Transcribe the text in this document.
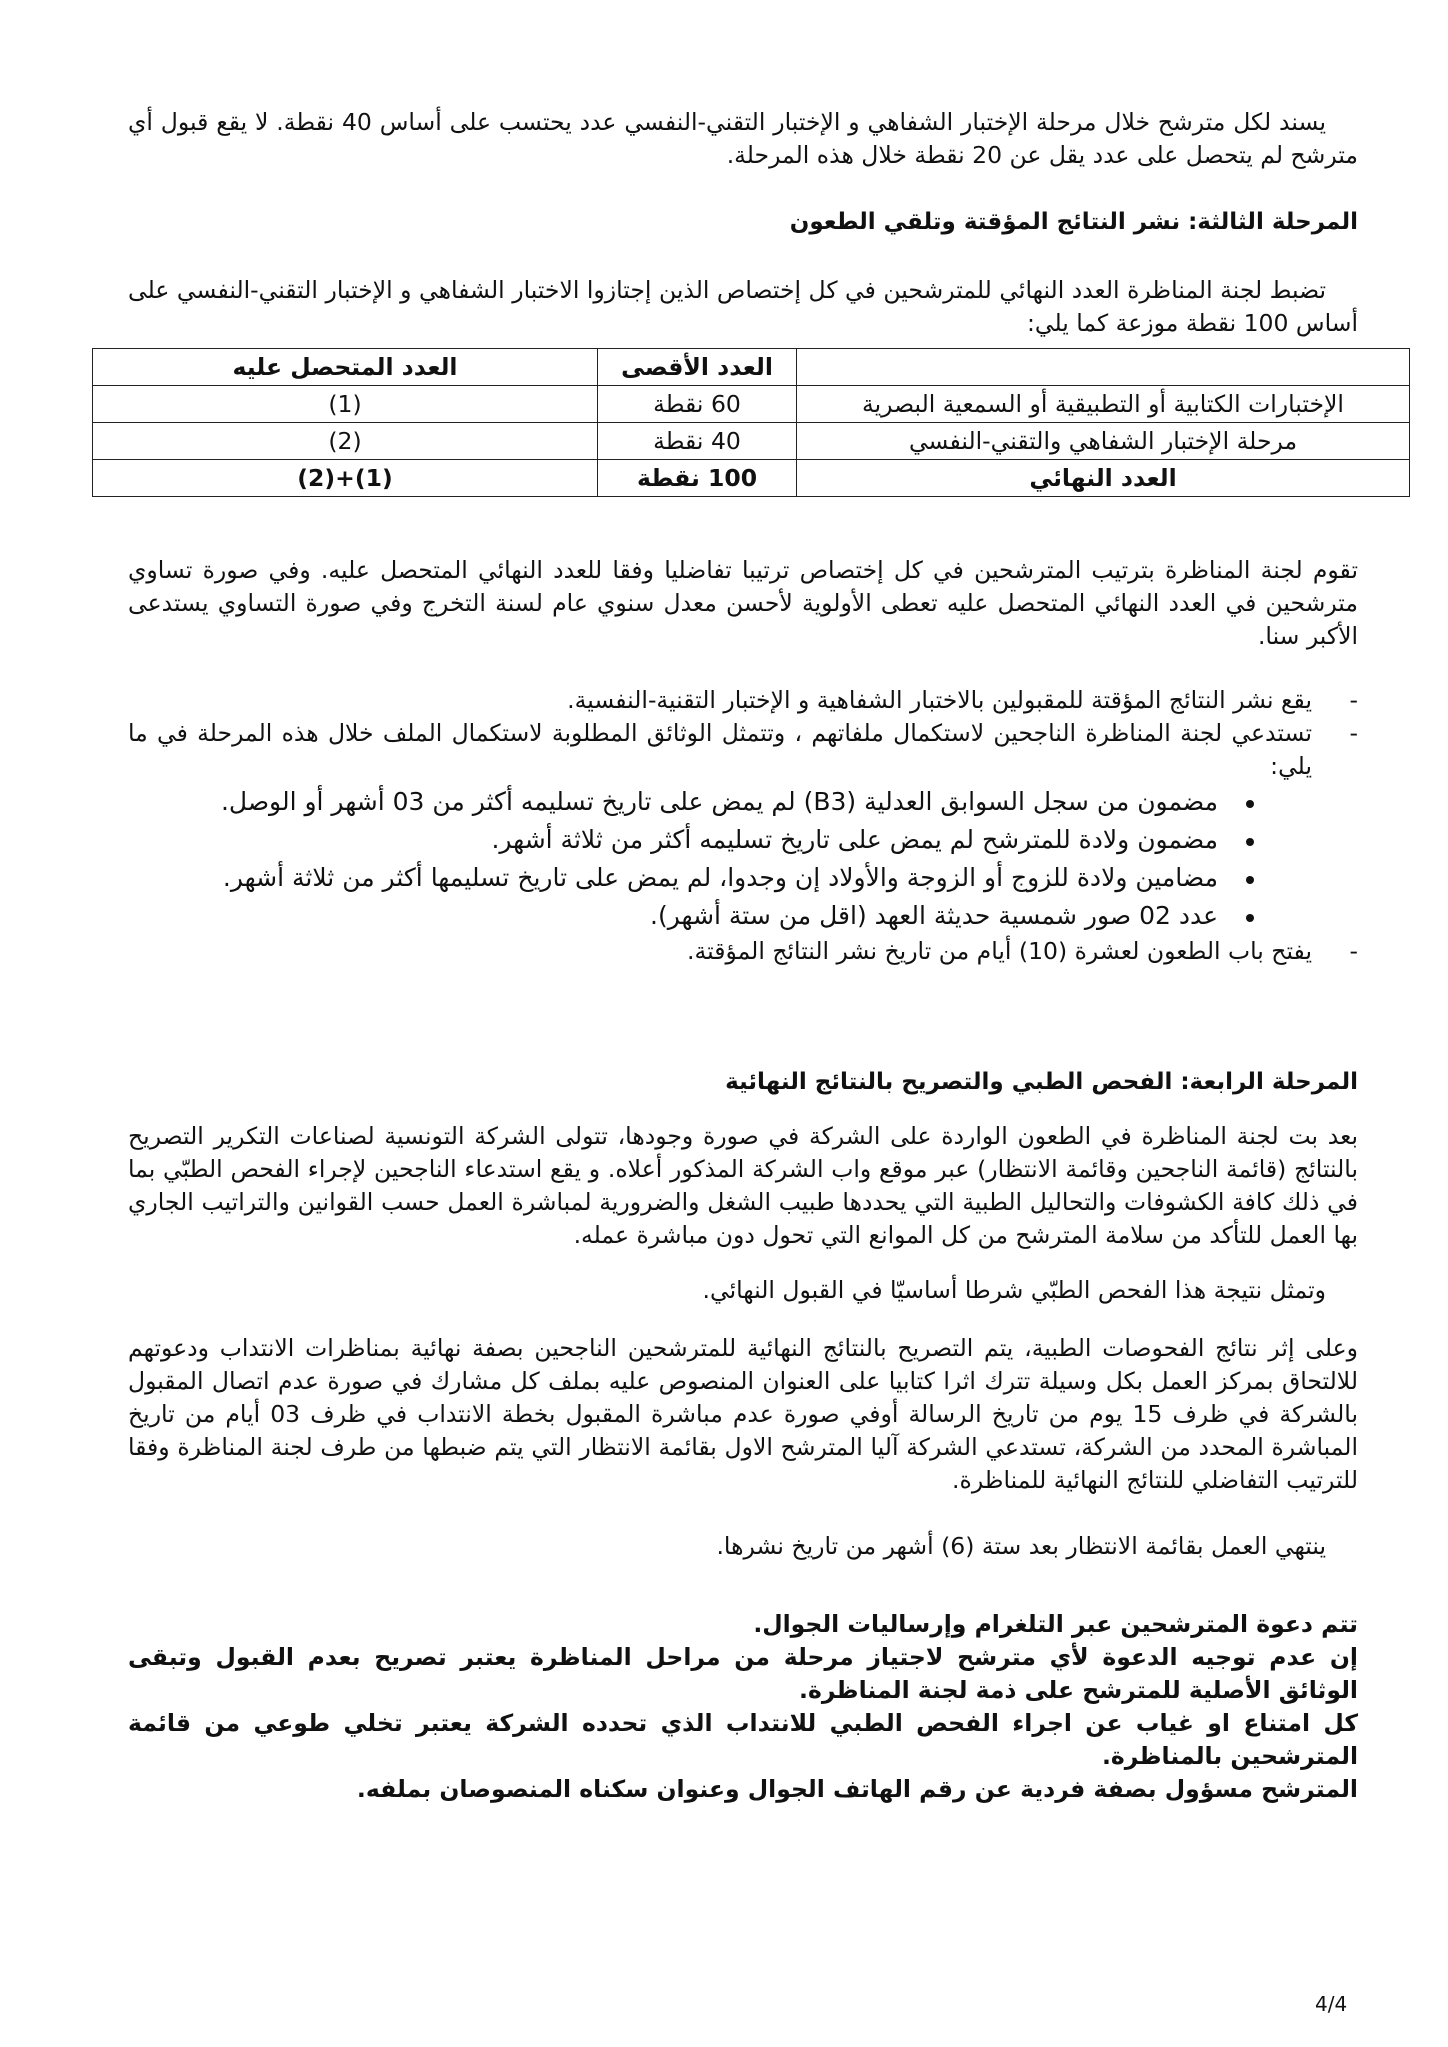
يسند لكل مترشح خلال مرحلة الإختبار الشفاهي و الإختبار التقني-النفسي عدد يحتسب على أساس 40 نقطة. لا يقع قبول أي مترشح لم يتحصل على عدد يقل عن 20 نقطة خلال هذه المرحلة.

المرحلة الثالثة: نشر النتائج المؤقتة وتلقي الطعون

تضبط لجنة المناظرة العدد النهائي للمترشحين في كل إختصاص الذين إجتازوا الاختبار الشفاهي و الإختبار التقني-النفسي على أساس 100 نقطة موزعة كما يلي:

	العدد الأقصى	العدد المتحصل عليه
الإختبارات الكتابية أو التطبيقية أو السمعية البصرية	60 نقطة	(1)
مرحلة الإختبار الشفاهي والتقني-النفسي	40 نقطة	(2)
العدد النهائي	100 نقطة	(1)+(2)

تقوم لجنة المناظرة بترتيب المترشحين في كل إختصاص ترتيبا تفاضليا وفقا للعدد النهائي المتحصل عليه. وفي صورة تساوي مترشحين في العدد النهائي المتحصل عليه تعطى الأولوية لأحسن معدل سنوي عام لسنة التخرج وفي صورة التساوي يستدعى الأكبر سنا.

-
يقع نشر النتائج المؤقتة للمقبولين بالاختبار الشفاهية و الإختبار التقنية-النفسية.
-
تستدعي لجنة المناظرة الناجحين لاستكمال ملفاتهم ، وتتمثل الوثائق المطلوبة لاستكمال الملف خلال هذه المرحلة في ما يلي:
مضمون من سجل السوابق العدلية (B3) لم يمض على تاريخ تسليمه أكثر من 03 أشهر أو الوصل.
مضمون ولادة للمترشح لم يمض على تاريخ تسليمه أكثر من ثلاثة أشهر.
مضامين ولادة للزوج أو الزوجة والأولاد إن وجدوا، لم يمض على تاريخ تسليمها أكثر من ثلاثة أشهر.
عدد 02 صور شمسية حديثة العهد (اقل من ستة أشهر).
-
يفتح باب الطعون لعشرة (10) أيام من تاريخ نشر النتائج المؤقتة.

المرحلة الرابعة: الفحص الطبي والتصريح بالنتائج النهائية

بعد بت لجنة المناظرة في الطعون الواردة على الشركة في صورة وجودها، تتولى الشركة التونسية لصناعات التكرير التصريح بالنتائج (قائمة الناجحين وقائمة الانتظار) عبر موقع واب الشركة المذكور أعلاه. و يقع استدعاء الناجحين لإجراء الفحص الطبّي بما في ذلك كافة الكشوفات والتحاليل الطبية التي يحددها طبيب الشغل والضرورية لمباشرة العمل حسب القوانين والتراتيب الجاري بها العمل للتأكد من سلامة المترشح من كل الموانع التي تحول دون مباشرة عمله.

وتمثل نتيجة هذا الفحص الطبّي شرطا أساسيّا في القبول النهائي.

وعلى إثر نتائج الفحوصات الطبية، يتم التصريح بالنتائج النهائية للمترشحين الناجحين بصفة نهائية بمناظرات الانتداب ودعوتهم للالتحاق بمركز العمل بكل وسيلة تترك اثرا كتابيا على العنوان المنصوص عليه بملف كل مشارك في صورة عدم اتصال المقبول بالشركة في ظرف 15 يوم من تاريخ الرسالة أوفي صورة عدم مباشرة المقبول بخطة الانتداب في ظرف 03 أيام من تاريخ المباشرة المحدد من الشركة، تستدعي الشركة آليا المترشح الاول بقائمة الانتظار التي يتم ضبطها من طرف لجنة المناظرة وفقا للترتيب التفاضلي للنتائج النهائية للمناظرة.

ينتهي العمل بقائمة الانتظار بعد ستة (6) أشهر من تاريخ نشرها.

تتم دعوة المترشحين عبر التلغرام وإرساليات الجوال.

إن عدم توجيه الدعوة لأي مترشح لاجتياز مرحلة من مراحل المناظرة يعتبر تصريح بعدم القبول وتبقى الوثائق الأصلية للمترشح على ذمة لجنة المناظرة.

كل امتناع او غياب عن اجراء الفحص الطبي للانتداب الذي تحدده الشركة يعتبر تخلي طوعي من قائمة المترشحين بالمناظرة.

المترشح مسؤول بصفة فردية عن رقم الهاتف الجوال وعنوان سكناه المنصوصان بملفه.

4/4
